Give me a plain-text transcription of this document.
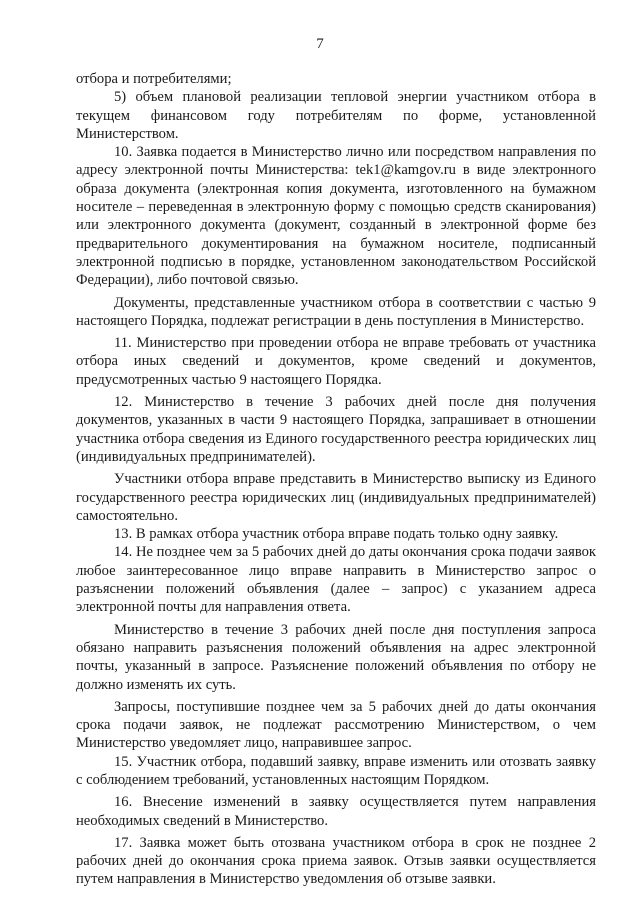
7

отбора и потребителями;

5) объем плановой реализации тепловой энергии участником отбора в текущем финансовом году потребителям по форме, установленной Министерством.

10. Заявка подается в Министерство лично или посредством направления по адресу электронной почты Министерства: tek1@kamgov.ru в виде электронного образа документа (электронная копия документа, изготовленного на бумажном носителе – переведенная в электронную форму с помощью средств сканирования) или электронного документа (документ, созданный в электронной форме без предварительного документирования на бумажном носителе, подписанный электронной подписью в порядке, установленном законодательством Российской Федерации), либо почтовой связью.

Документы, представленные участником отбора в соответствии с частью 9 настоящего Порядка, подлежат регистрации в день поступления в Министерство.

11. Министерство при проведении отбора не вправе требовать от участника отбора иных сведений и документов, кроме сведений и документов, предусмотренных частью 9 настоящего Порядка.

12. Министерство в течение 3 рабочих дней после дня получения документов, указанных в части 9 настоящего Порядка, запрашивает в отношении участника отбора сведения из Единого государственного реестра юридических лиц (индивидуальных предпринимателей).

Участники отбора вправе представить в Министерство выписку из Единого государственного реестра юридических лиц (индивидуальных предпринимателей) самостоятельно.

13. В рамках отбора участник отбора вправе подать только одну заявку.

14. Не позднее чем за 5 рабочих дней до даты окончания срока подачи заявок любое заинтересованное лицо вправе направить в Министерство запрос о разъяснении положений объявления (далее – запрос) с указанием адреса электронной почты для направления ответа.

Министерство в течение 3 рабочих дней после дня поступления запроса обязано направить разъяснения положений объявления на адрес электронной почты, указанный в запросе. Разъяснение положений объявления по отбору не должно изменять их суть.

Запросы, поступившие позднее чем за 5 рабочих дней до даты окончания срока подачи заявок, не подлежат рассмотрению Министерством, о чем Министерство уведомляет лицо, направившее запрос.

15. Участник отбора, подавший заявку, вправе изменить или отозвать заявку с соблюдением требований, установленных настоящим Порядком.

16. Внесение изменений в заявку осуществляется путем направления необходимых сведений в Министерство.

17. Заявка может быть отозвана участником отбора в срок не позднее 2 рабочих дней до окончания срока приема заявок. Отзыв заявки осуществляется путем направления в Министерство уведомления об отзыве заявки.
